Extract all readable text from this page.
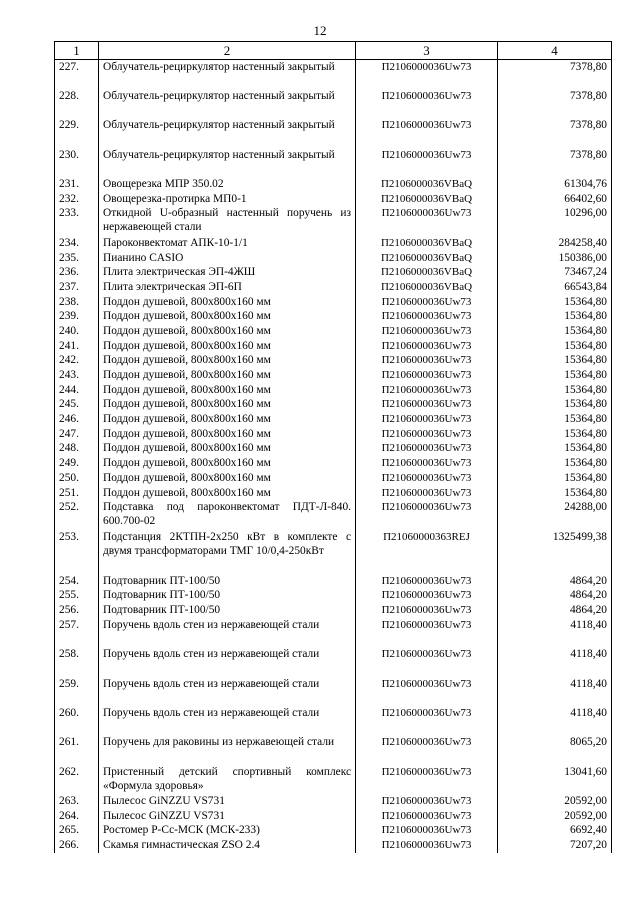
12
1	2	3	4
227.	Облучатель-рециркулятор настенный закрытый	П2106000036Uw73	7378,80
228.	Облучатель-рециркулятор настенный закрытый	П2106000036Uw73	7378,80
229.	Облучатель-рециркулятор настенный закрытый	П2106000036Uw73	7378,80
230.	Облучатель-рециркулятор настенный закрытый	П2106000036Uw73	7378,80
231.	Овощерезка МПР 350.02	П2106000036VBaQ	61304,76
232.	Овощерезка-протирка МП0-1	П2106000036VBaQ	66402,60
233.	Откидной U-образный настенный поручень из нержавеющей стали	П2106000036Uw73	10296,00
234.	Пароконвектомат АПК-10-1/1	П2106000036VBaQ	284258,40
235.	Пианино CASIO	П2106000036VBaQ	150386,00
236.	Плита электрическая ЭП-4ЖШ	П2106000036VBaQ	73467,24
237.	Плита электрическая ЭП-6П	П2106000036VBaQ	66543,84
238.	Поддон душевой, 800x800x160 мм	П2106000036Uw73	15364,80
239.	Поддон душевой, 800x800x160 мм	П2106000036Uw73	15364,80
240.	Поддон душевой, 800x800x160 мм	П2106000036Uw73	15364,80
241.	Поддон душевой, 800x800x160 мм	П2106000036Uw73	15364,80
242.	Поддон душевой, 800x800x160 мм	П2106000036Uw73	15364,80
243.	Поддон душевой, 800x800x160 мм	П2106000036Uw73	15364,80
244.	Поддон душевой, 800x800x160 мм	П2106000036Uw73	15364,80
245.	Поддон душевой, 800x800x160 мм	П2106000036Uw73	15364,80
246.	Поддон душевой, 800x800x160 мм	П2106000036Uw73	15364,80
247.	Поддон душевой, 800x800x160 мм	П2106000036Uw73	15364,80
248.	Поддон душевой, 800x800x160 мм	П2106000036Uw73	15364,80
249.	Поддон душевой, 800x800x160 мм	П2106000036Uw73	15364,80
250.	Поддон душевой, 800x800x160 мм	П2106000036Uw73	15364,80
251.	Поддон душевой, 800x800x160 мм	П2106000036Uw73	15364,80
252.	Подставка под пароконвектомат ПДТ-Л-840. 600.700-02	П2106000036Uw73	24288,00
253.	Подстанция 2КТПН-2x250 кВт в комплекте с двумя трансформаторами ТМГ 10/0,4-250кВт	П21060000363REJ	1325499,38
254.	Подтоварник ПТ-100/50	П2106000036Uw73	4864,20
255.	Подтоварник ПТ-100/50	П2106000036Uw73	4864,20
256.	Подтоварник ПТ-100/50	П2106000036Uw73	4864,20
257.	Поручень вдоль стен из нержавеющей стали	П2106000036Uw73	4118,40
258.	Поручень вдоль стен из нержавеющей стали	П2106000036Uw73	4118,40
259.	Поручень вдоль стен из нержавеющей стали	П2106000036Uw73	4118,40
260.	Поручень вдоль стен из нержавеющей стали	П2106000036Uw73	4118,40
261.	Поручень для раковины из нержавеющей стали	П2106000036Uw73	8065,20
262.	Пристенный детский спортивный комплекс «Формула здоровья»	П2106000036Uw73	13041,60
263.	Пылесос GiNZZU VS731	П2106000036Uw73	20592,00
264.	Пылесос GiNZZU VS731	П2106000036Uw73	20592,00
265.	Ростомер Р-Сс-МСК (МСК-233)	П2106000036Uw73	6692,40
266.	Скамья гимнастическая ZSO 2.4	П2106000036Uw73	7207,20
